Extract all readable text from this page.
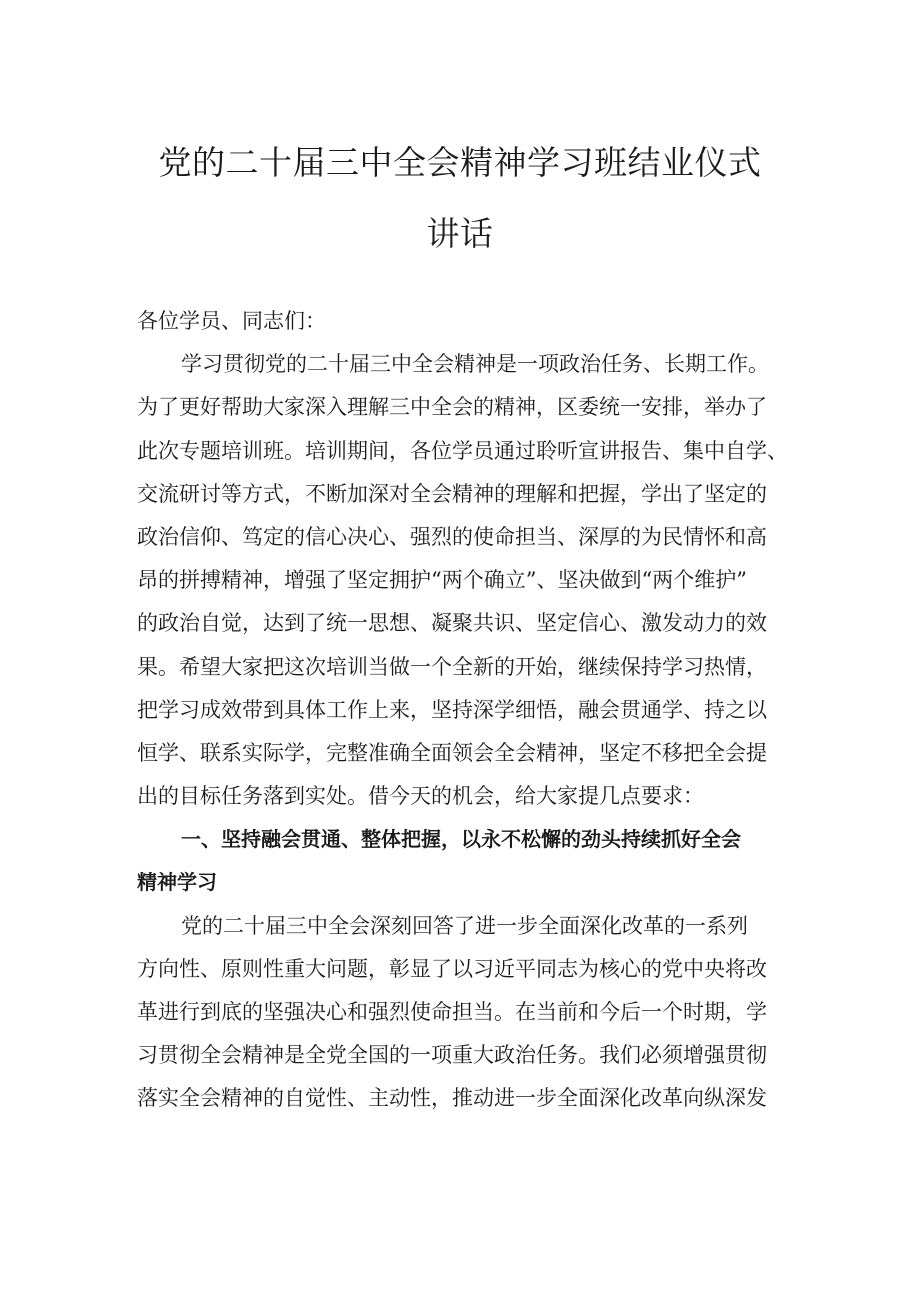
党的二十届三中全会精神学习班结业仪式
讲话
各位学员、同志们：
学习贯彻党的二十届三中全会精神是一项政治任务、长期工作。
为了更好帮助大家深入理解三中全会的精神，区委统一安排，举办了
此次专题培训班。培训期间，各位学员通过聆听宣讲报告、集中自学、
交流研讨等方式，不断加深对全会精神的理解和把握，学出了坚定的
政治信仰、笃定的信心决心、强烈的使命担当、深厚的为民情怀和高
昂的拼搏精神，增强了坚定拥护“两个确立”、坚决做到“两个维护”
的政治自觉，达到了统一思想、凝聚共识、坚定信心、激发动力的效
果。希望大家把这次培训当做一个全新的开始，继续保持学习热情，
把学习成效带到具体工作上来，坚持深学细悟，融会贯通学、持之以
恒学、联系实际学，完整准确全面领会全会精神，坚定不移把全会提
出的目标任务落到实处。借今天的机会，给大家提几点要求：
一、坚持融会贯通、整体把握，以永不松懈的劲头持续抓好全会
精神学习
党的二十届三中全会深刻回答了进一步全面深化改革的一系列
方向性、原则性重大问题，彰显了以习近平同志为核心的党中央将改
革进行到底的坚强决心和强烈使命担当。在当前和今后一个时期，学
习贯彻全会精神是全党全国的一项重大政治任务。我们必须增强贯彻
落实全会精神的自觉性、主动性，推动进一步全面深化改革向纵深发
